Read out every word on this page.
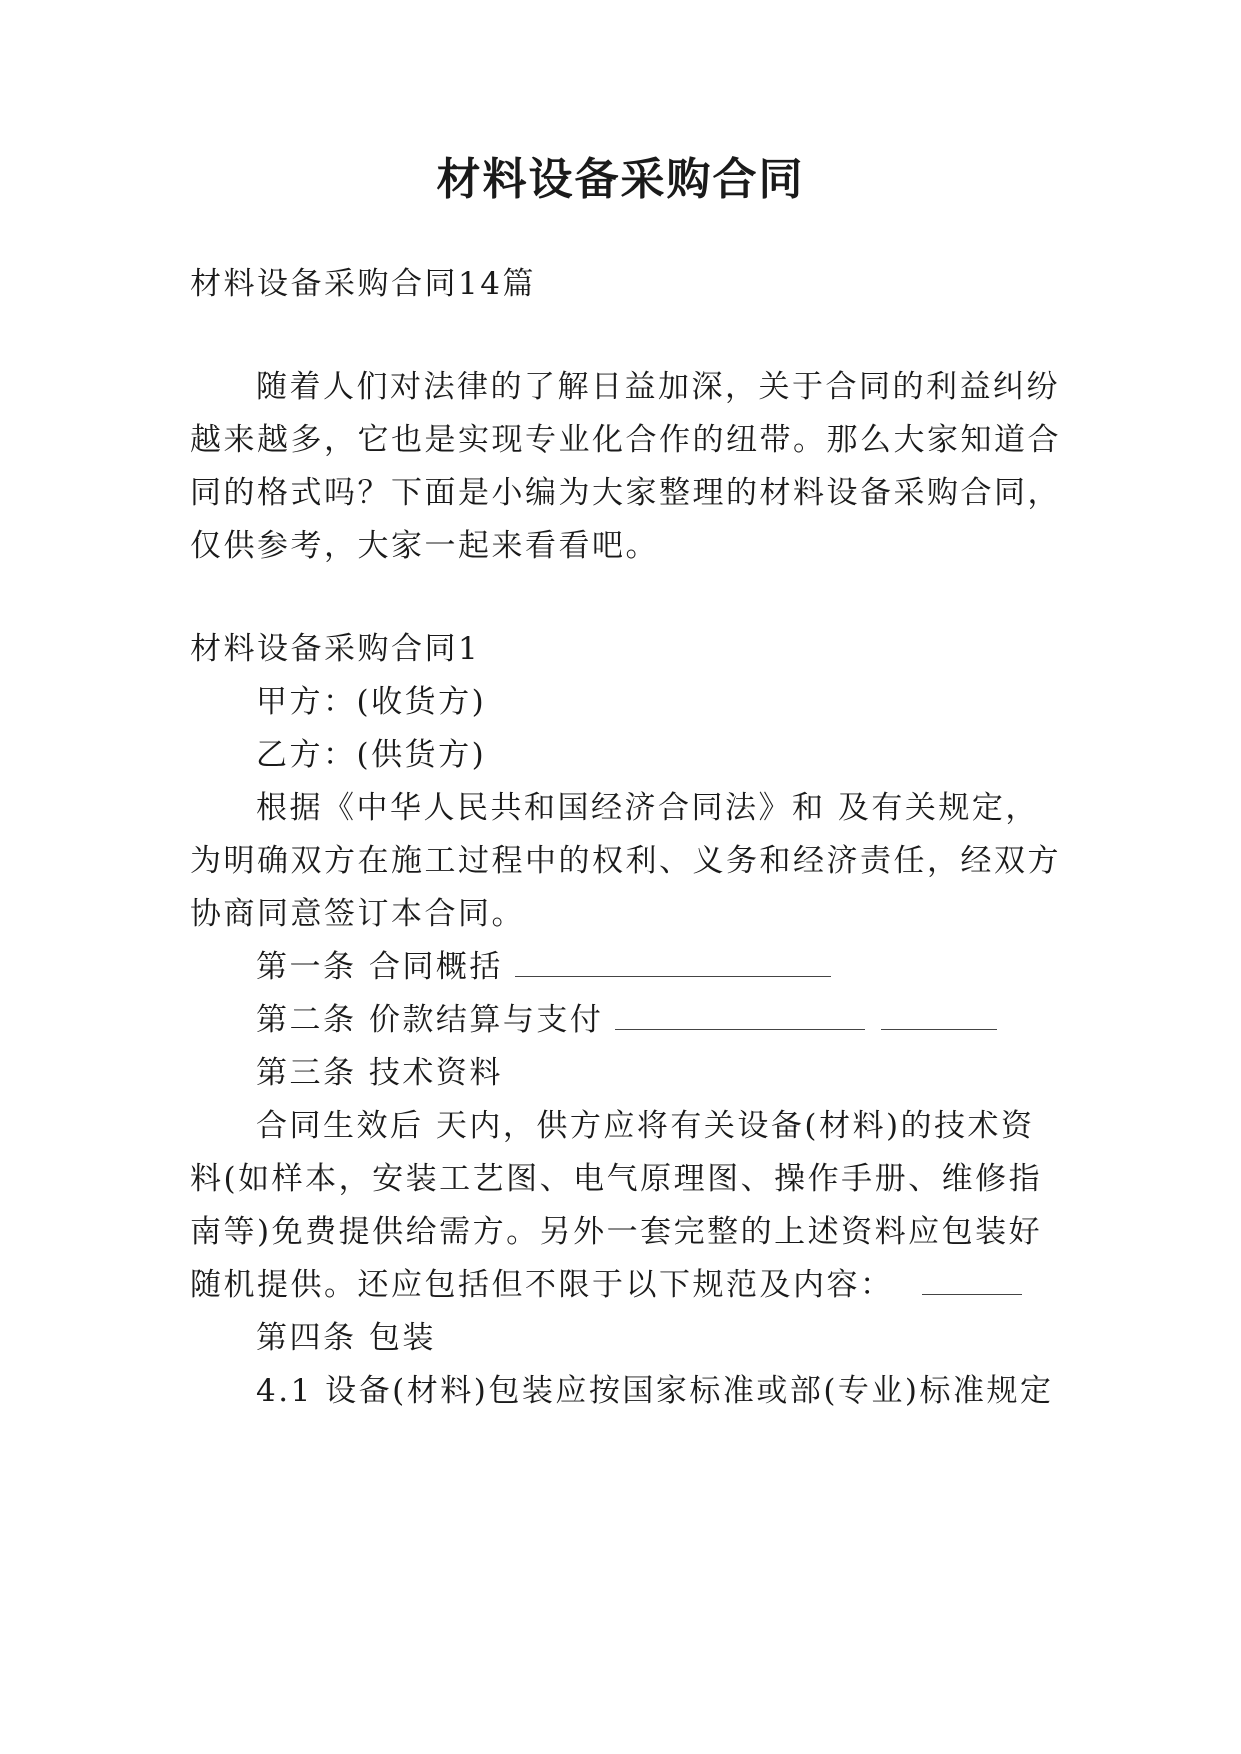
材料设备采购合同
材料设备采购合同14篇
随着人们对法律的了解日益加深，关于合同的利益纠纷
越来越多，它也是实现专业化合作的纽带。那么大家知道合
同的格式吗？下面是小编为大家整理的材料设备采购合同，
仅供参考，大家一起来看看吧。
材料设备采购合同1
甲方：(收货方)
乙方：(供货方)
根据《中华人民共和国经济合同法》和 及有关规定，
为明确双方在施工过程中的权利、义务和经济责任，经双方
协商同意签订本合同。
第一条 合同概括
第二条 价款结算与支付
第三条 技术资料
合同生效后 天内，供方应将有关设备(材料)的技术资
料(如样本，安装工艺图、电气原理图、操作手册、维修指
南等)免费提供给需方。另外一套完整的上述资料应包装好
随机提供。还应包括但不限于以下规范及内容：
第四条 包装
4.1 设备(材料)包装应按国家标准或部(专业)标准规定
